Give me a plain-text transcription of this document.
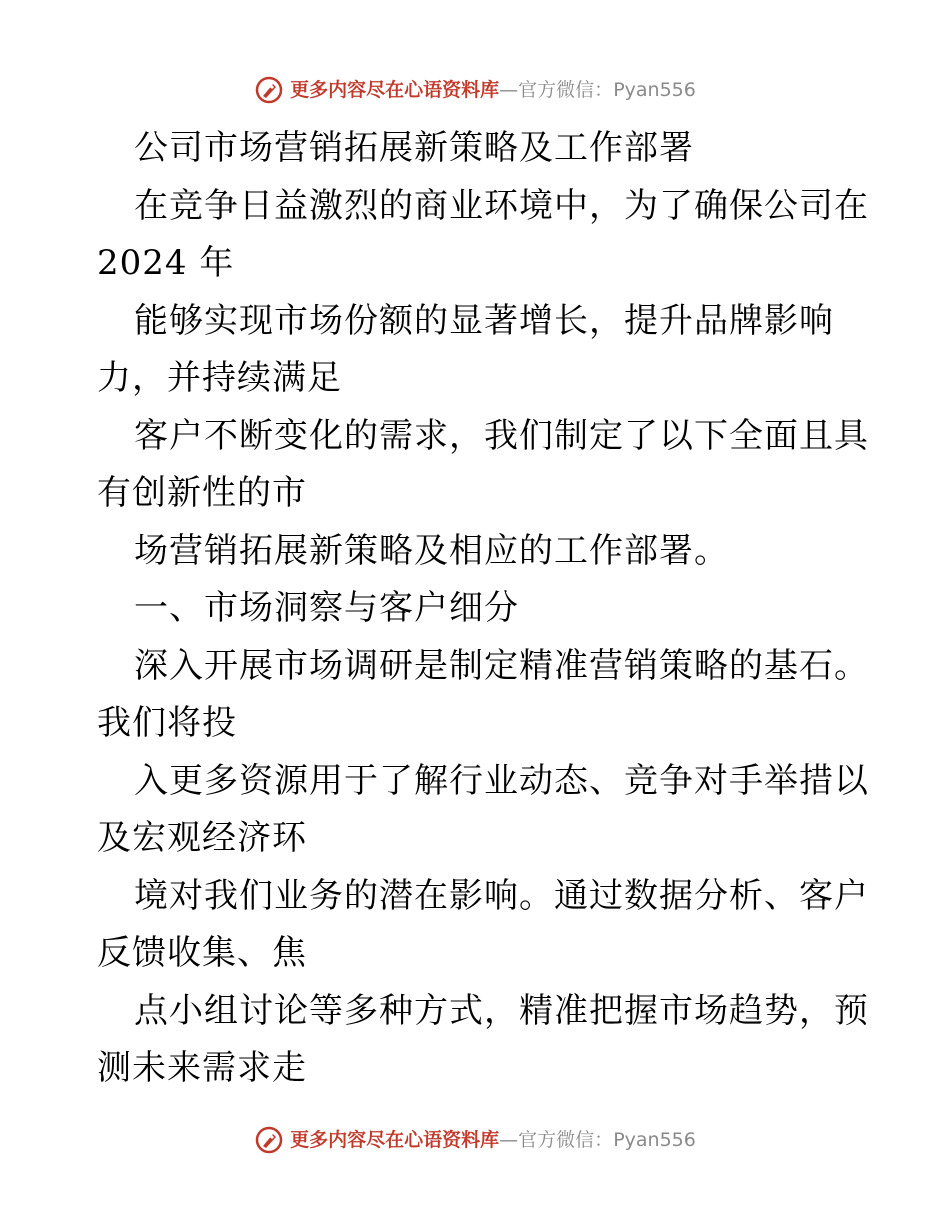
更多内容尽在心语资料库—官方微信：Pyan556
公司市场营销拓展新策略及工作部署
在竞争日益激烈的商业环境中，为了确保公司在
2024 年
能够实现市场份额的显著增长，提升品牌影响
力，并持续满足
客户不断变化的需求，我们制定了以下全面且具
有创新性的市
场营销拓展新策略及相应的工作部署。
一、市场洞察与客户细分
深入开展市场调研是制定精准营销策略的基石。
我们将投
入更多资源用于了解行业动态、竞争对手举措以
及宏观经济环
境对我们业务的潜在影响。通过数据分析、客户
反馈收集、焦
点小组讨论等多种方式，精准把握市场趋势，预
测未来需求走
更多内容尽在心语资料库—官方微信：Pyan556
